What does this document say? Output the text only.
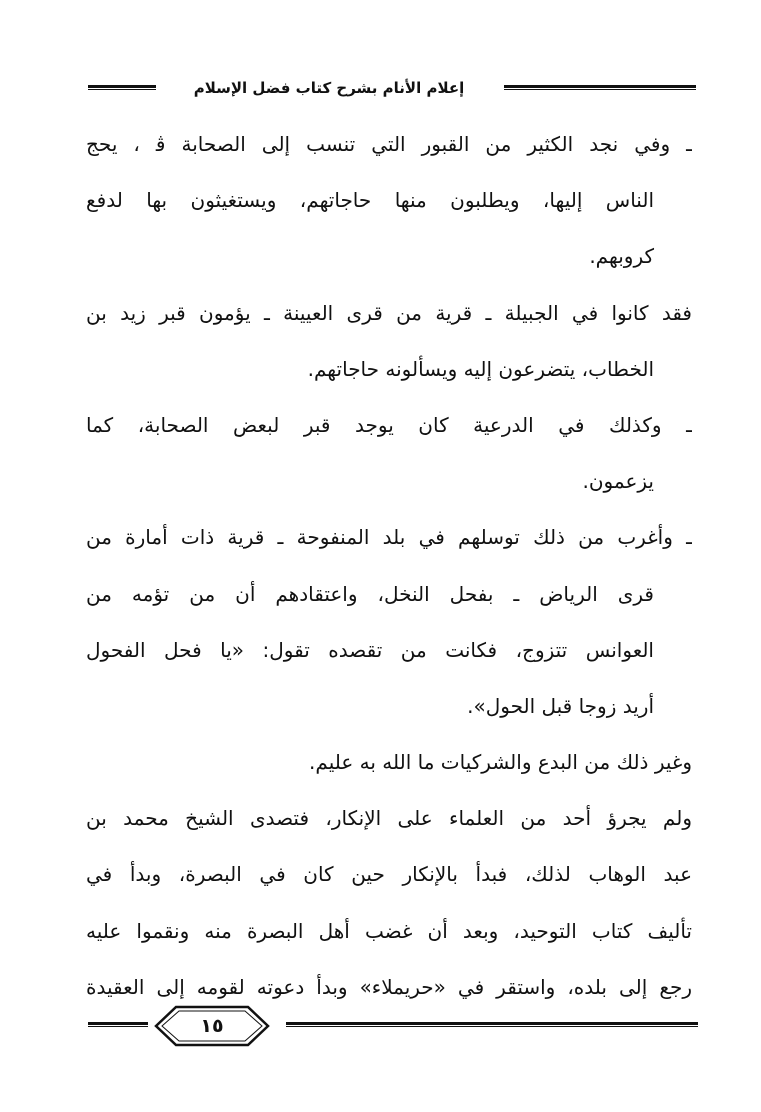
إعلام الأنام بشرح كتاب فضل الإسلام
ـ وفي نجد الكثير من القبور التي تنسب إلى الصحابة ﭬ ، يحج
الناس إليها، ويطلبون منها حاجاتهم، ويستغيثون بها لدفع
كروبهم.
فقد كانوا في الجبيلة ـ قرية من قرى العيينة ـ يؤمون قبر زيد بن
الخطاب، يتضرعون إليه ويسألونه حاجاتهم.
ـ وكذلك في الدرعية كان يوجد قبر لبعض الصحابة، كما
يزعمون.
ـ وأغرب من ذلك توسلهم في بلد المنفوحة ـ قرية ذات أمارة من
قرى الرياض ـ بفحل النخل، واعتقادهم أن من تؤمه من
العوانس تتزوج، فكانت من تقصده تقول: «يا فحل الفحول
أريد زوجا قبل الحول».
وغير ذلك من البدع والشركيات ما الله به عليم.
ولم يجرؤ أحد من العلماء على الإنكار، فتصدى الشيخ محمد بن
عبد الوهاب لذلك، فبدأ بالإنكار حين كان في البصرة، وبدأ في
تأليف كتاب التوحيد، وبعد أن غضب أهل البصرة منه ونقموا عليه
رجع إلى بلده، واستقر في «حريملاء» وبدأ دعوته لقومه إلى العقيدة
١٥
